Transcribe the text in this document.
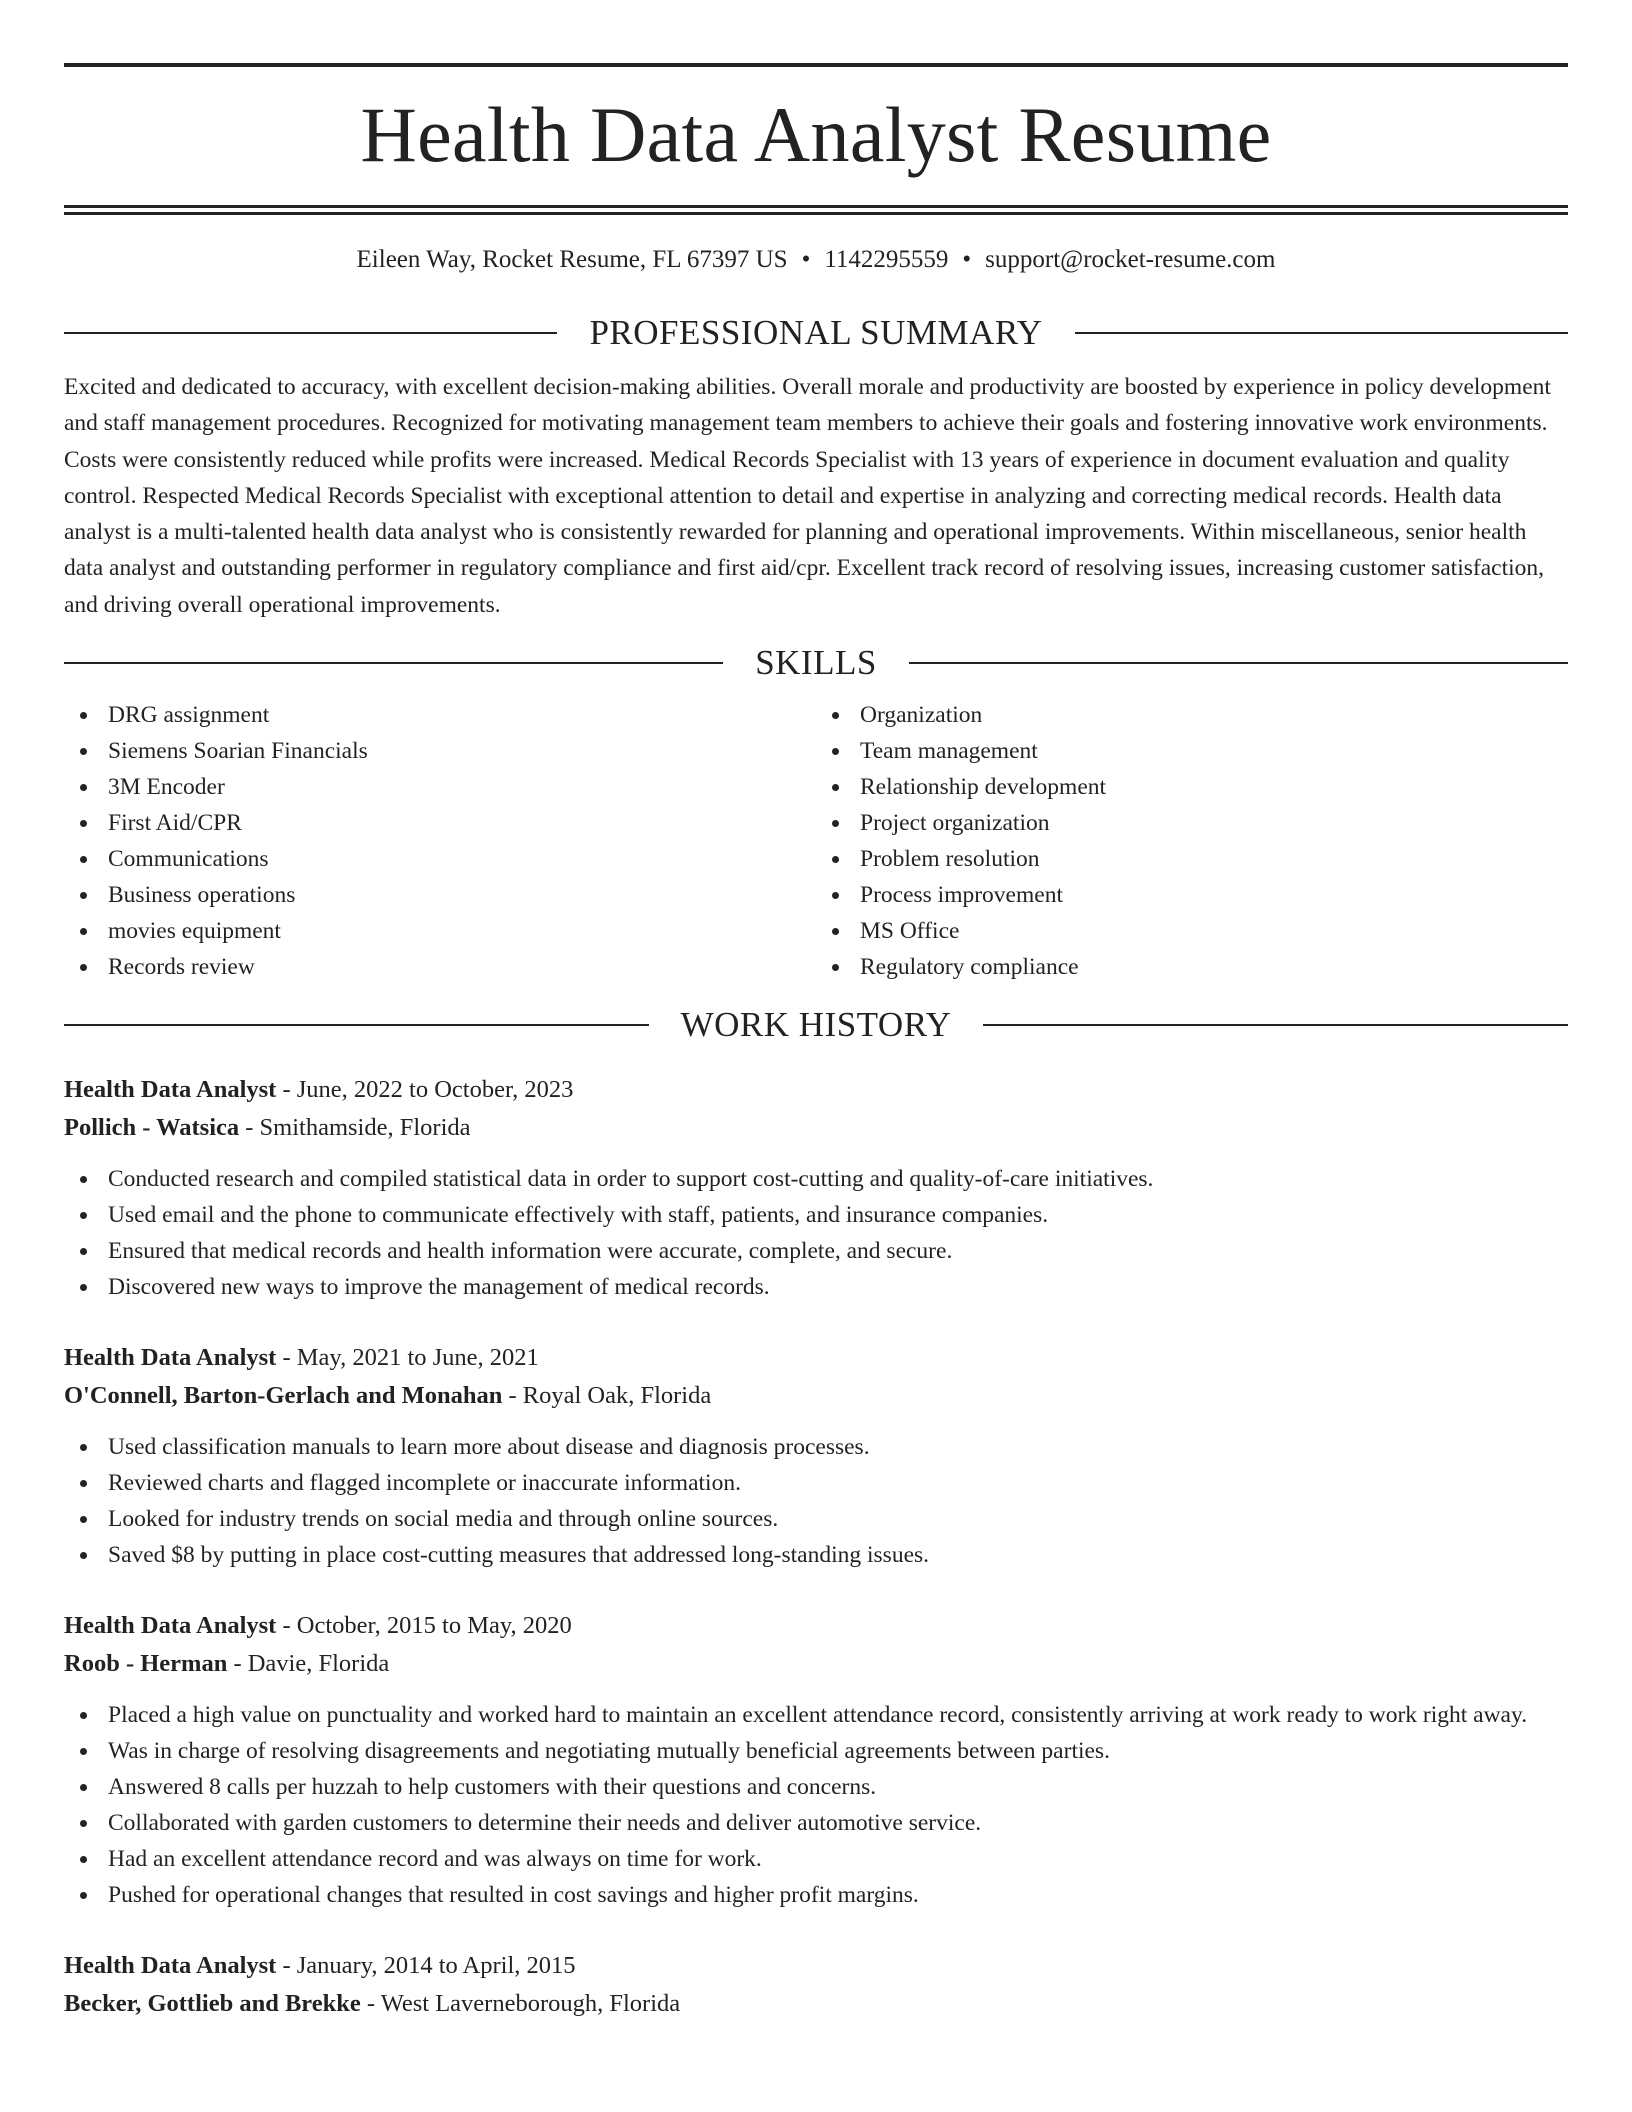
Health Data Analyst Resume
Eileen Way, Rocket Resume, FL 67397 US • 1142295559 • support@rocket-resume.com
PROFESSIONAL SUMMARY

Excited and dedicated to accuracy, with excellent decision-making abilities. Overall morale and productivity are boosted by experience in policy development and staff management procedures. Recognized for motivating management team members to achieve their goals and fostering innovative work environments. Costs were consistently reduced while profits were increased. Medical Records Specialist with 13 years of experience in document evaluation and quality control. Respected Medical Records Specialist with exceptional attention to detail and expertise in analyzing and correcting medical records. Health data analyst is a multi-talented health data analyst who is consistently rewarded for planning and operational improvements. Within miscellaneous, senior health data analyst and outstanding performer in regulatory compliance and first aid/cpr. Excellent track record of resolving issues, increasing customer satisfaction, and driving overall operational improvements.

SKILLS
DRG assignment
Siemens Soarian Financials
3M Encoder
First Aid/CPR
Communications
Business operations
movies equipment
Records review
Organization
Team management
Relationship development
Project organization
Problem resolution
Process improvement
MS Office
Regulatory compliance
WORK HISTORY
Health Data Analyst - June, 2022 to October, 2023
Pollich - Watsica - Smithamside, Florida
Conducted research and compiled statistical data in order to support cost-cutting and quality-of-care initiatives.
Used email and the phone to communicate effectively with staff, patients, and insurance companies.
Ensured that medical records and health information were accurate, complete, and secure.
Discovered new ways to improve the management of medical records.
Health Data Analyst - May, 2021 to June, 2021
O'Connell, Barton-Gerlach and Monahan - Royal Oak, Florida
Used classification manuals to learn more about disease and diagnosis processes.
Reviewed charts and flagged incomplete or inaccurate information.
Looked for industry trends on social media and through online sources.
Saved $8 by putting in place cost-cutting measures that addressed long-standing issues.
Health Data Analyst - October, 2015 to May, 2020
Roob - Herman - Davie, Florida
Placed a high value on punctuality and worked hard to maintain an excellent attendance record, consistently arriving at work ready to work right away.
Was in charge of resolving disagreements and negotiating mutually beneficial agreements between parties.
Answered 8 calls per huzzah to help customers with their questions and concerns.
Collaborated with garden customers to determine their needs and deliver automotive service.
Had an excellent attendance record and was always on time for work.
Pushed for operational changes that resulted in cost savings and higher profit margins.
Health Data Analyst - January, 2014 to April, 2015
Becker, Gottlieb and Brekke - West Laverneborough, Florida
